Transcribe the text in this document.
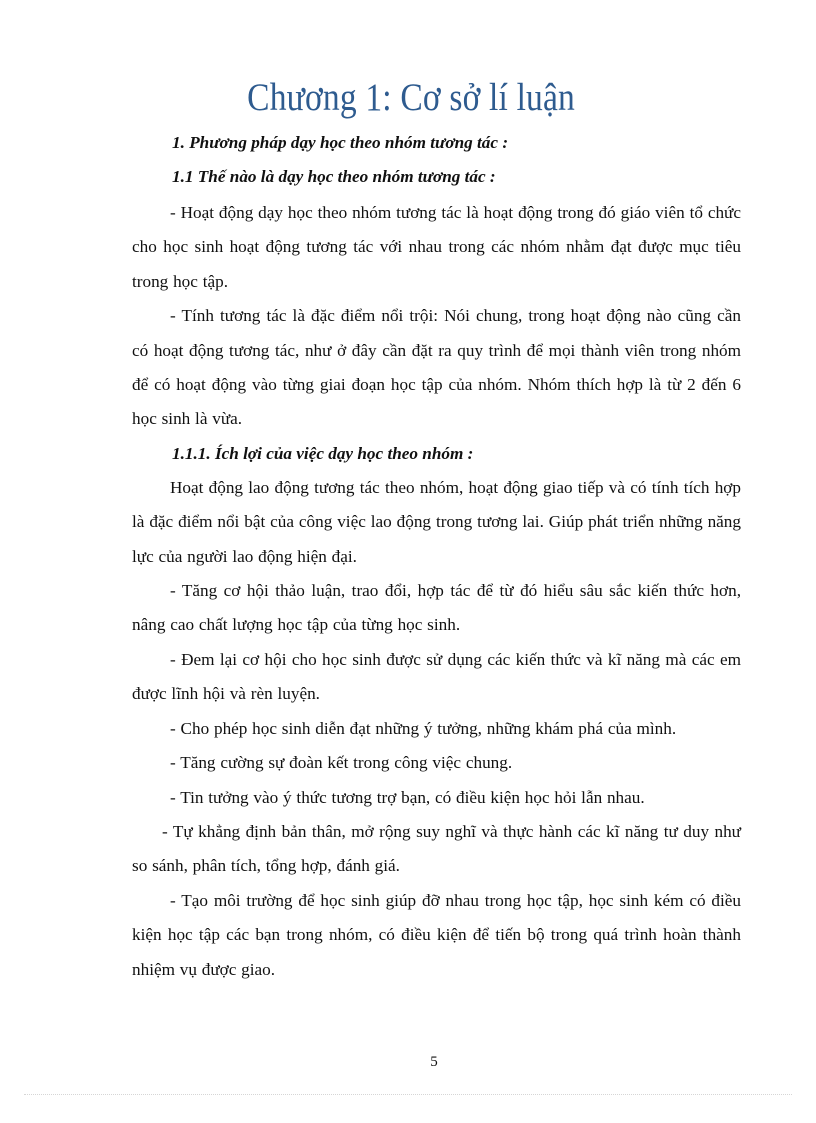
Chương 1: Cơ sở lí luận

1. Phương pháp dạy học theo nhóm tương tác :

1.1 Thế nào là dạy học theo nhóm tương tác :

- Hoạt động dạy học theo nhóm tương tác là hoạt động trong đó giáo viên tổ chức cho học sinh hoạt động tương tác với nhau trong các nhóm nhằm đạt được mục tiêu trong học tập.

- Tính tương tác là đặc điểm nổi trội: Nói chung, trong hoạt động nào cũng cần có hoạt động tương tác, như ở đây cần đặt ra quy trình để mọi thành viên trong nhóm để có hoạt động vào từng giai đoạn học tập của nhóm. Nhóm thích hợp là từ 2 đến 6 học sinh là vừa.

1.1.1. Ích lợi của việc dạy học theo nhóm :

Hoạt động lao động tương tác theo nhóm, hoạt động giao tiếp và có tính tích hợp là đặc điểm nổi bật của công việc lao động trong tương lai. Giúp phát triển những năng lực của người lao động hiện đại.

- Tăng cơ hội thảo luận, trao đổi, hợp tác để từ đó hiểu sâu sắc kiến thức hơn, nâng cao chất lượng học tập của từng học sinh.

- Đem lại cơ hội cho học sinh được sử dụng các kiến thức và kĩ năng mà các em được lĩnh hội và rèn luyện.

- Cho phép học sinh diễn đạt những ý tưởng, những khám phá của mình.

- Tăng cường sự đoàn kết trong công việc chung.

- Tin tưởng vào ý thức tương trợ bạn, có điều kiện học hỏi lẫn nhau.

- Tự khẳng định bản thân, mở rộng suy nghĩ và thực hành các kĩ năng tư duy như so sánh, phân tích, tổng hợp, đánh giá.

- Tạo môi trường để học sinh giúp đỡ nhau trong học tập, học sinh kém có điều kiện học tập các bạn trong nhóm, có điều kiện để tiến bộ trong quá trình hoàn thành nhiệm vụ được giao.

5
